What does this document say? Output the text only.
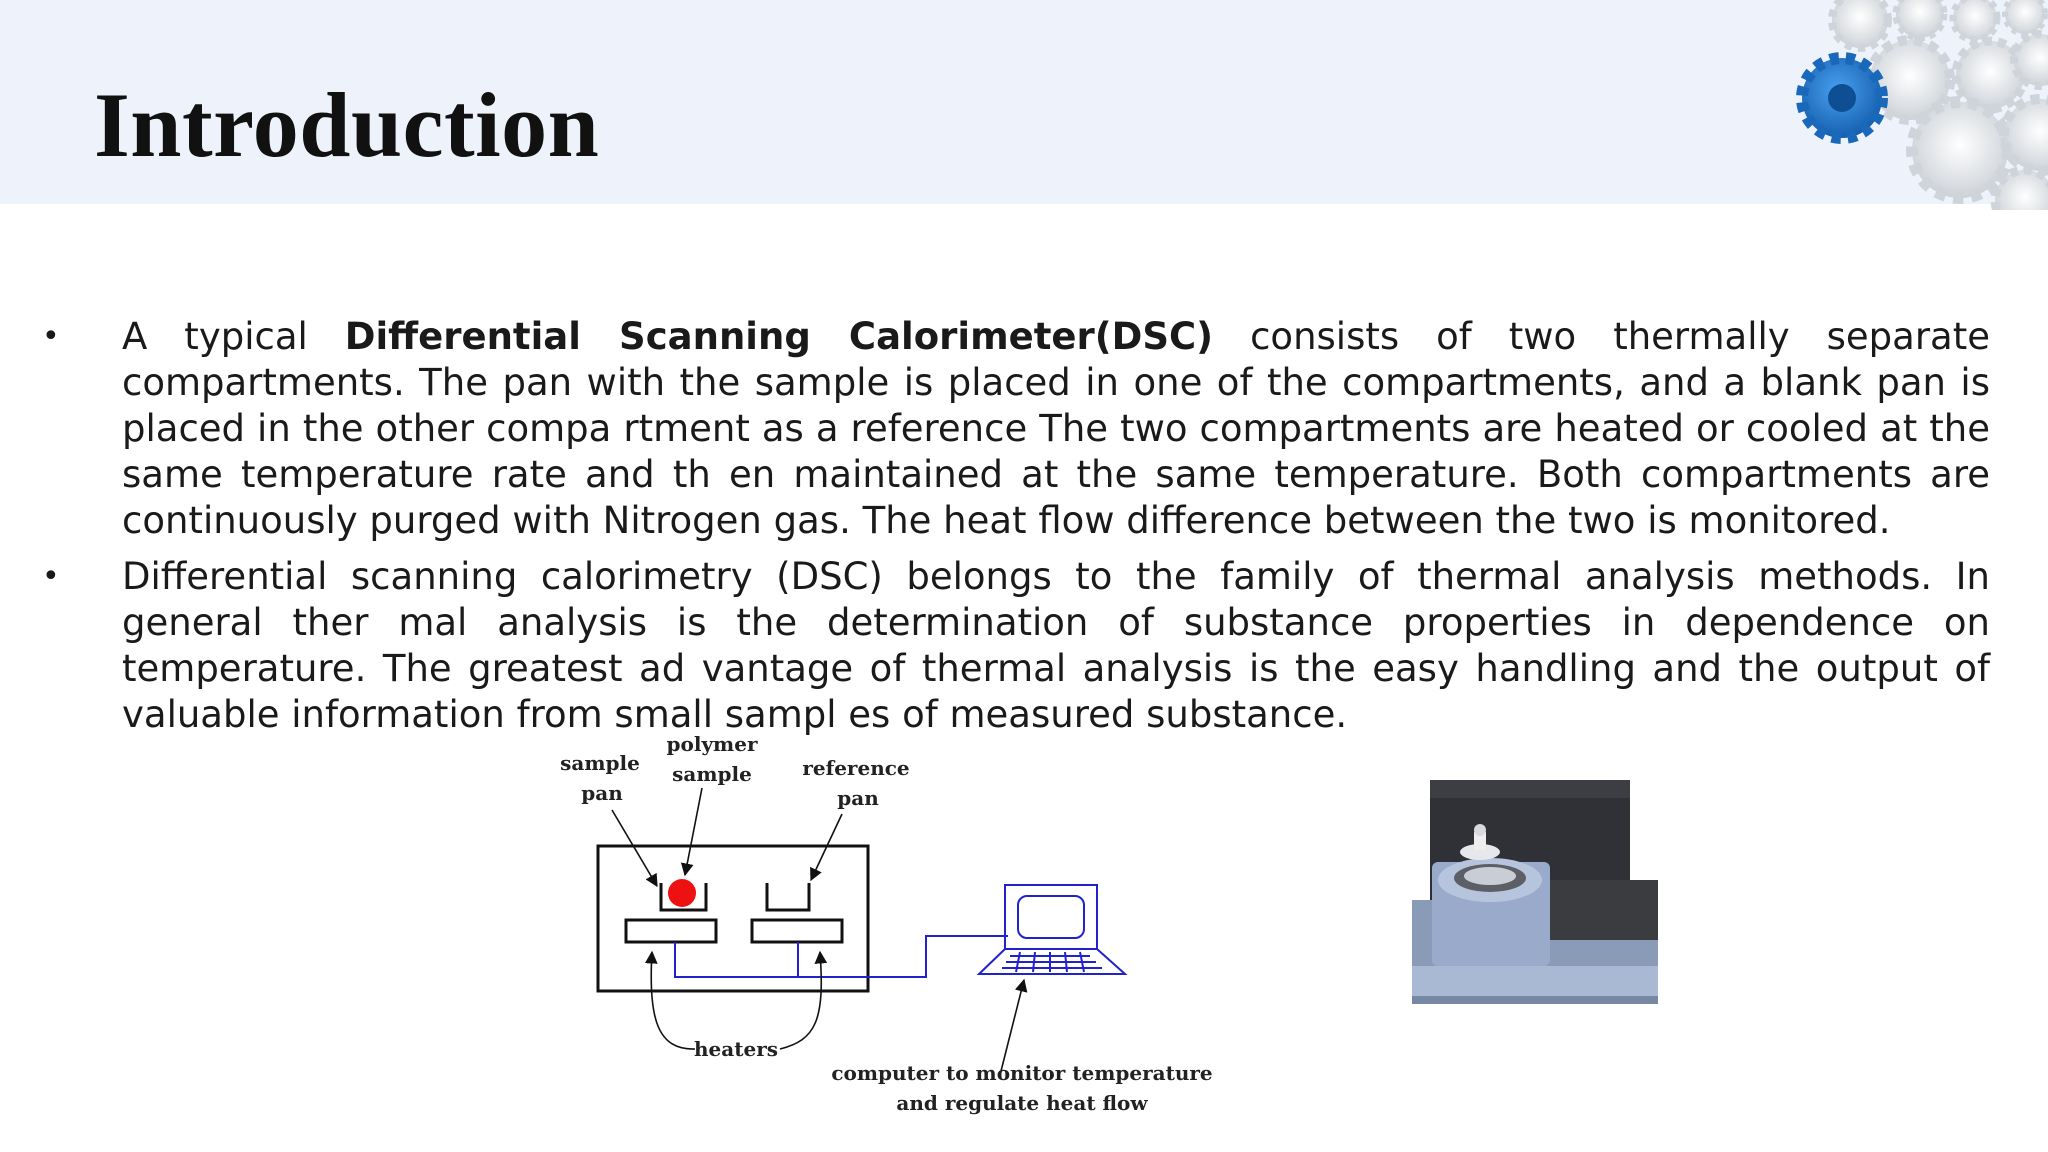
Introduction
•	A typical Differential Scanning Calorimeter(DSC) consists of two thermally separate compartments. The pan with the sample is placed in one of the compartments, and a blank pan is placed in the other compa rtment as a reference The two compartments are heated or cooled at the same temperature rate and th en maintained at the same temperature. Both compartments are continuously purged with Nitrogen gas. The heat flow difference between the two is monitored.
•	Differential scanning calorimetry (DSC) belongs to the family of thermal analysis methods. In general ther mal analysis is the determination of substance properties in dependence on temperature. The greatest ad vantage of thermal analysis is the easy handling and the output of valuable information from small sampl es of measured substance.
sample
pan
polymer
sample	reference
pan
heaters
computer to monitor temperature
and regulate heat flow
